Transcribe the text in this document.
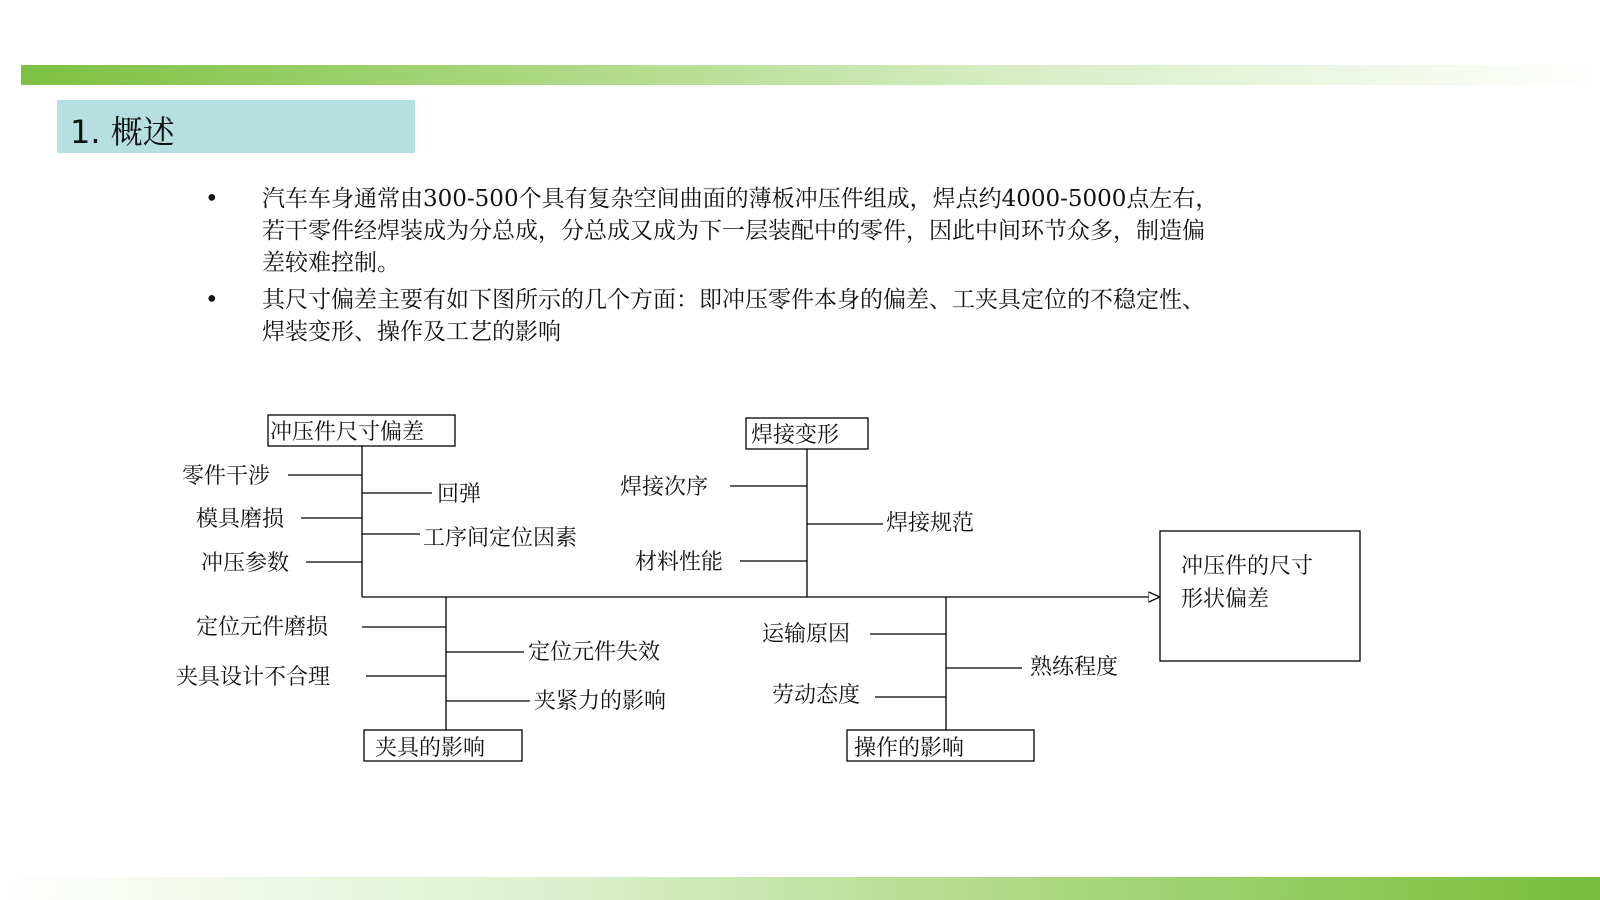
1. 概述
• 汽车车身通常由300-500个具有复杂空间曲面的薄板冲压件组成，焊点约4000-5000点左右，若干零件经焊装成为分总成，分总成又成为下一层装配中的零件，因此中间环节众多，制造偏差较难控制。
• 其尺寸偏差主要有如下图所示的几个方面：即冲压零件本身的偏差、工夹具定位的不稳定性、焊装变形、操作及工艺的影响
冲压件的尺寸
形状偏差
冲压件尺寸偏差
零件干涉
模具磨损
冲压参数
回弹
工序间定位因素
焊接变形
焊接次序
材料性能
焊接规范
夹具的影响
定位元件磨损
夹具设计不合理
定位元件失效
夹紧力的影响
操作的影响
运输原因
劳动态度
熟练程度
